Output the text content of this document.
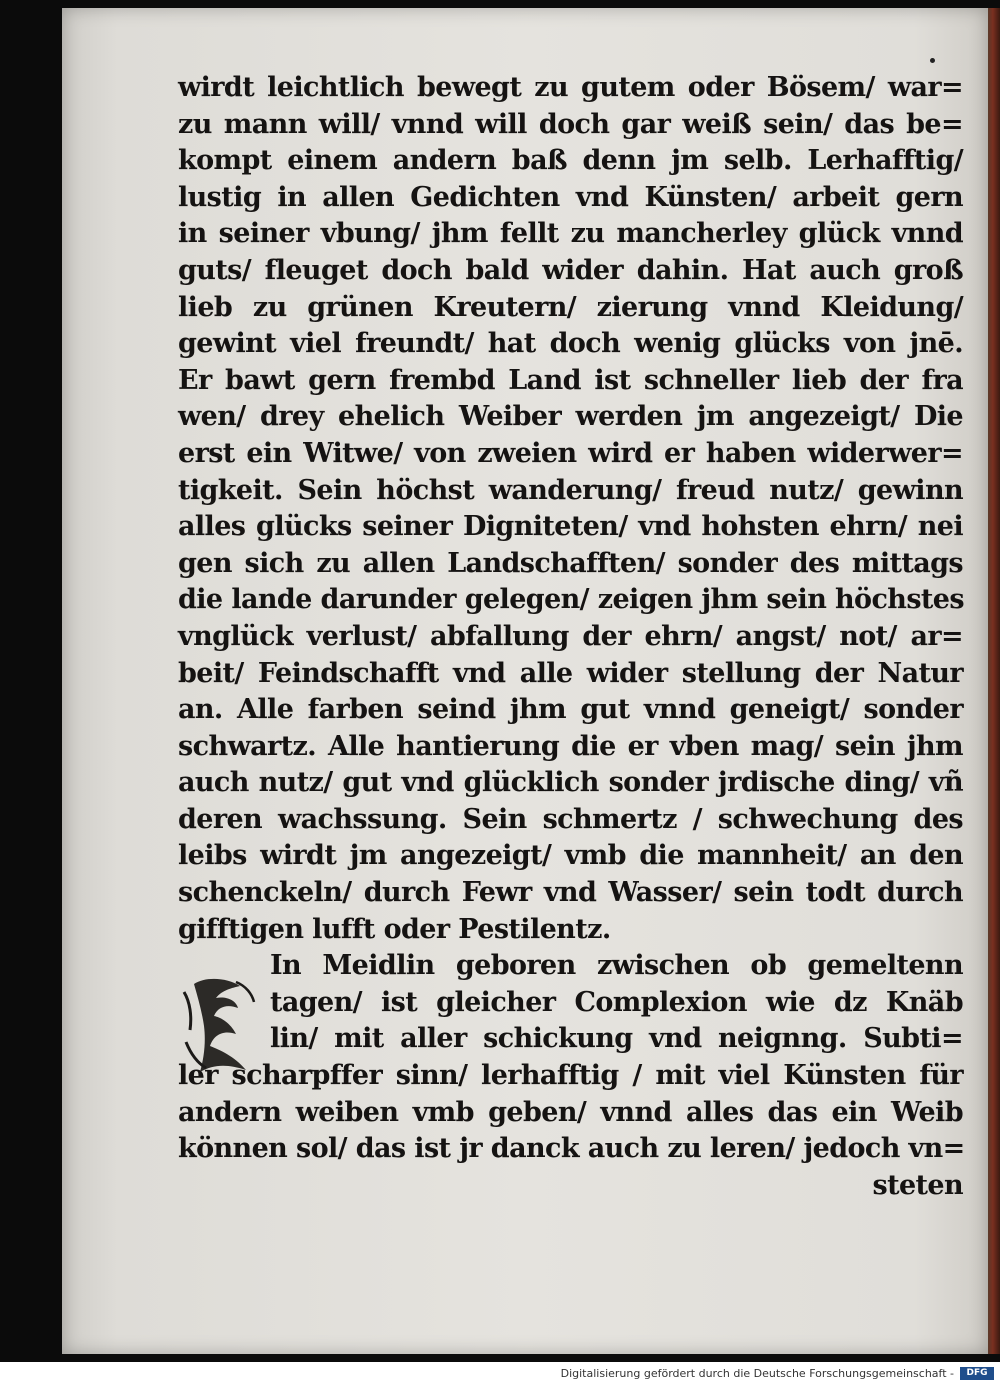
wirdt leichtlich bewegt zu gutem oder Bösem/ war=
zu mann will/ vnnd will doch gar weiß sein/ das be=
kompt einem andern baß denn jm selb. Lerhafftig/
lustig in allen Gedichten vnd Künsten/ arbeit gern
in seiner vbung/ jhm fellt zu mancherley glück vnnd
guts/ fleuget doch bald wider dahin. Hat auch groß
lieb zu grünen Kreutern/ zierung vnnd Kleidung/
gewint viel freundt/ hat doch wenig glücks von jnē.
Er bawt gern frembd Land ist schneller lieb der fra
wen/ drey ehelich Weiber werden jm angezeigt/ Die
erst ein Witwe/ von zweien wird er haben widerwer=
tigkeit. Sein höchst wanderung/ freud nutz/ gewinn
alles glücks seiner Digniteten/ vnd hohsten ehrn/ nei
gen sich zu allen Landschafften/ sonder des mittags
die lande darunder gelegen/ zeigen jhm sein höchstes
vnglück verlust/ abfallung der ehrn/ angst/ not/ ar=
beit/ Feindschafft vnd alle wider stellung der Natur
an. Alle farben seind jhm gut vnnd geneigt/ sonder
schwartz. Alle hantierung die er vben mag/ sein jhm
auch nutz/ gut vnd glücklich sonder jrdische ding/ vñ
deren wachssung. Sein schmertz / schwechung des
leibs wirdt jm angezeigt/ vmb die mannheit/ an den
schenckeln/ durch Fewr vnd Wasser/ sein todt durch
gifftigen lufft oder Pestilentz.
In Meidlin geboren zwischen ob gemeltenn
tagen/ ist gleicher Complexion wie dz Knäb
lin/ mit aller schickung vnd neignng. Subti=
ler scharpffer sinn/ lerhafftig / mit viel Künsten für
andern weiben vmb geben/ vnnd alles das ein Weib
können sol/ das ist jr danck auch zu leren/ jedoch vn=
steten
Digitalisierung gefördert durch die Deutsche Forschungsgemeinschaft -	DFG
